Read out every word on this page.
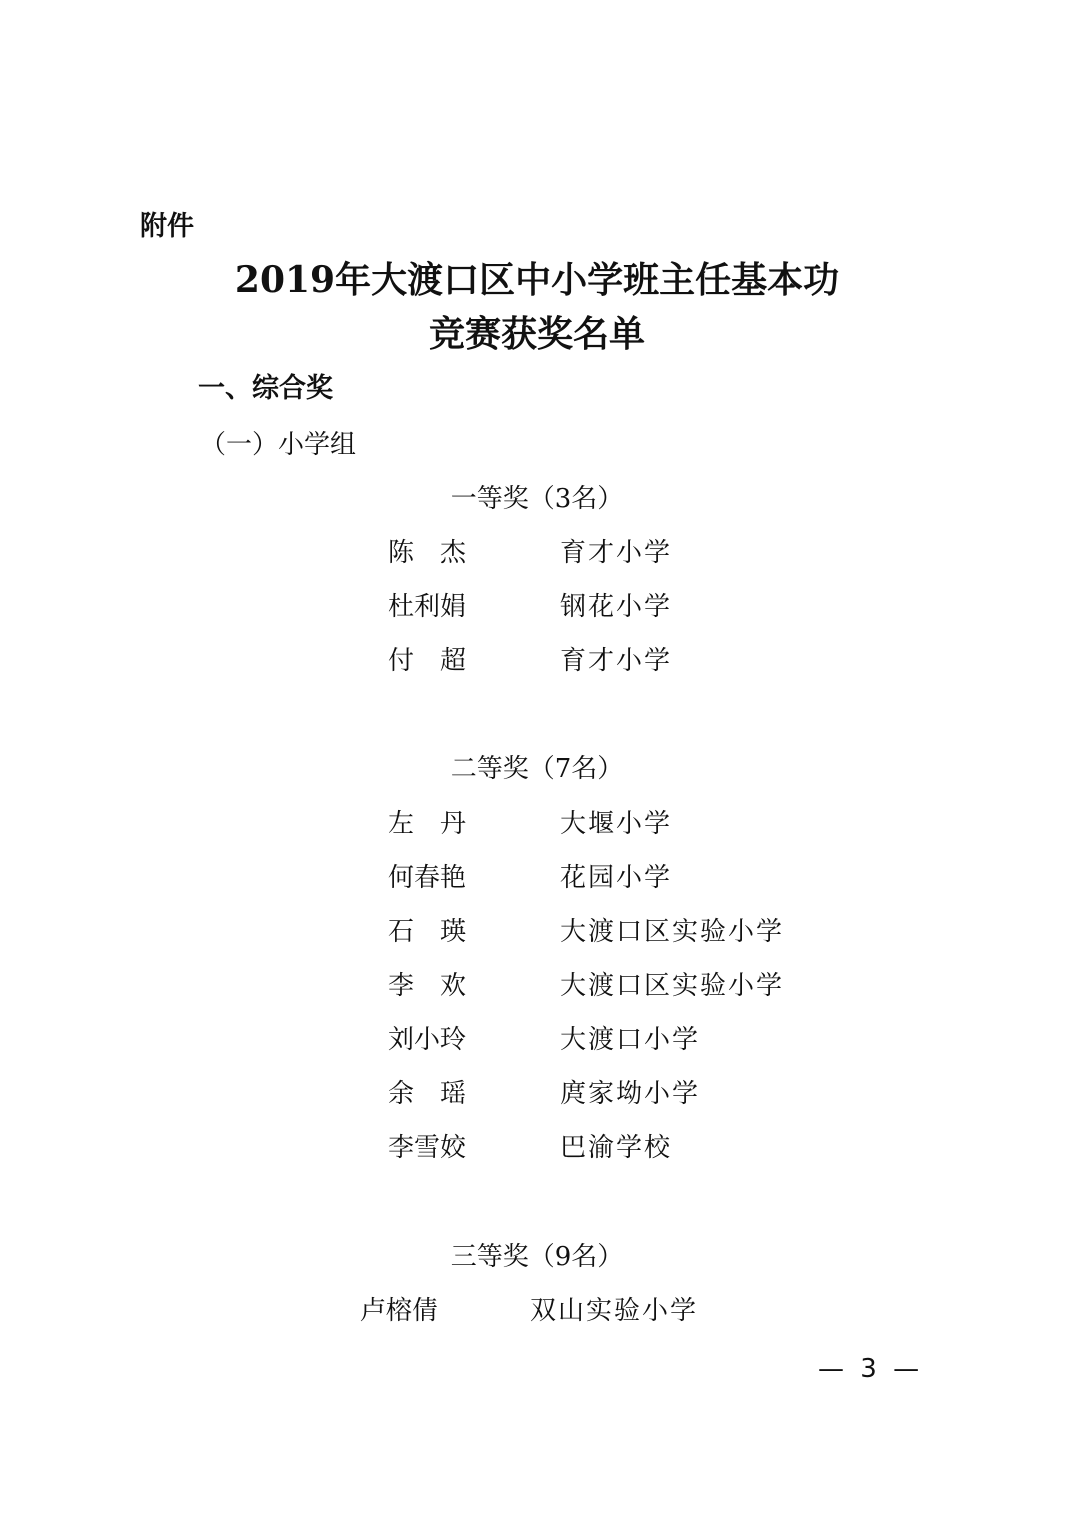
附件
2019年大渡口区中小学班主任基本功
竞赛获奖名单
一、综合奖
（一）小学组
一等奖（3名）
陈　杰	育才小学
杜利娟	钢花小学
付　超	育才小学
二等奖（7名）
左　丹	大堰小学
何春艳	花园小学
石　瑛	大渡口区实验小学
李　欢	大渡口区实验小学
刘小玲	大渡口小学
余　瑶	庹家坳小学
李雪姣	巴渝学校
三等奖（9名）
卢榕倩	双山实验小学
— 3 —
